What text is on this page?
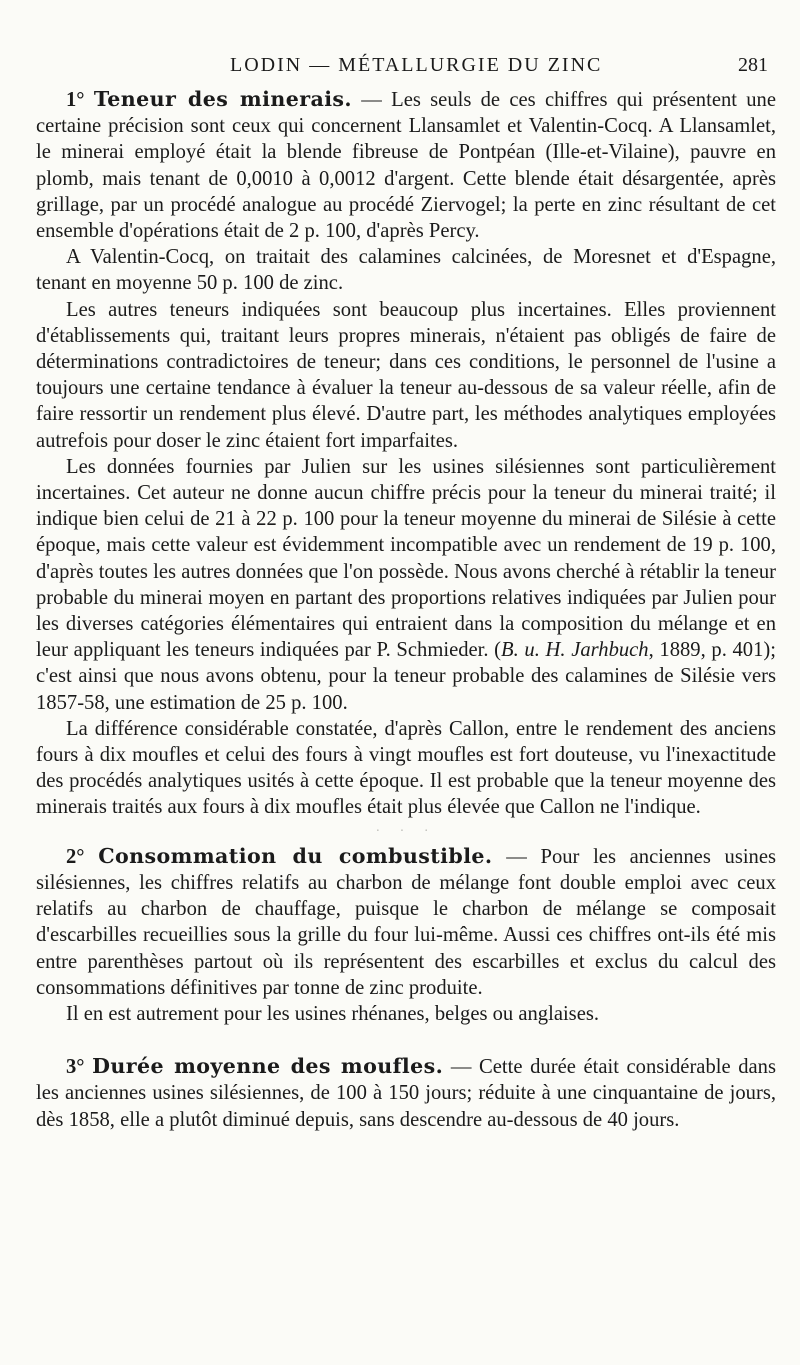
LODIN — MÉTALLURGIE DU ZINC	281

1° Teneur des minerais. — Les seuls de ces chiffres qui présentent une certaine précision sont ceux qui concernent Llansamlet et Valentin-Cocq. A Llansamlet, le minerai employé était la blende fibreuse de Pontpéan (Ille-et-Vilaine), pauvre en plomb, mais tenant de 0,0010 à 0,0012 d'argent. Cette blende était désargentée, après grillage, par un procédé analogue au procédé Ziervogel; la perte en zinc résultant de cet ensemble d'opérations était de 2 p. 100, d'après Percy.

A Valentin-Cocq, on traitait des calamines calcinées, de Moresnet et d'Espagne, tenant en moyenne 50 p. 100 de zinc.

Les autres teneurs indiquées sont beaucoup plus incertaines. Elles proviennent d'établissements qui, traitant leurs propres minerais, n'étaient pas obligés de faire de déterminations contradictoires de teneur; dans ces conditions, le personnel de l'usine a toujours une certaine tendance à évaluer la teneur au-dessous de sa valeur réelle, afin de faire ressortir un rendement plus élevé. D'autre part, les méthodes analytiques employées autrefois pour doser le zinc étaient fort imparfaites.

Les données fournies par Julien sur les usines silésiennes sont particulièrement incertaines. Cet auteur ne donne aucun chiffre précis pour la teneur du minerai traité; il indique bien celui de 21 à 22 p. 100 pour la teneur moyenne du minerai de Silésie à cette époque, mais cette valeur est évidemment incompatible avec un rendement de 19 p. 100, d'après toutes les autres données que l'on possède. Nous avons cherché à rétablir la teneur probable du minerai moyen en partant des proportions relatives indiquées par Julien pour les diverses catégories élémentaires qui entraient dans la composition du mélange et en leur appliquant les teneurs indiquées par P. Schmieder. (B. u. H. Jarhbuch, 1889, p. 401); c'est ainsi que nous avons obtenu, pour la teneur probable des calamines de Silésie vers 1857-58, une estimation de 25 p. 100.

La différence considérable constatée, d'après Callon, entre le rendement des anciens fours à dix moufles et celui des fours à vingt moufles est fort douteuse, vu l'inexactitude des procédés analytiques usités à cette époque. Il est probable que la teneur moyenne des minerais traités aux fours à dix moufles était plus élevée que Callon ne l'indique.

· · ·

2° Consommation du combustible. — Pour les anciennes usines silésiennes, les chiffres relatifs au charbon de mélange font double emploi avec ceux relatifs au charbon de chauffage, puisque le charbon de mélange se composait d'escarbilles recueillies sous la grille du four lui-même. Aussi ces chiffres ont-ils été mis entre parenthèses partout où ils représentent des escarbilles et exclus du calcul des consommations définitives par tonne de zinc produite.

Il en est autrement pour les usines rhénanes, belges ou anglaises.

3° Durée moyenne des moufles. — Cette durée était considérable dans les anciennes usines silésiennes, de 100 à 150 jours; réduite à une cinquantaine de jours, dès 1858, elle a plutôt diminué depuis, sans descendre au-dessous de 40 jours.
